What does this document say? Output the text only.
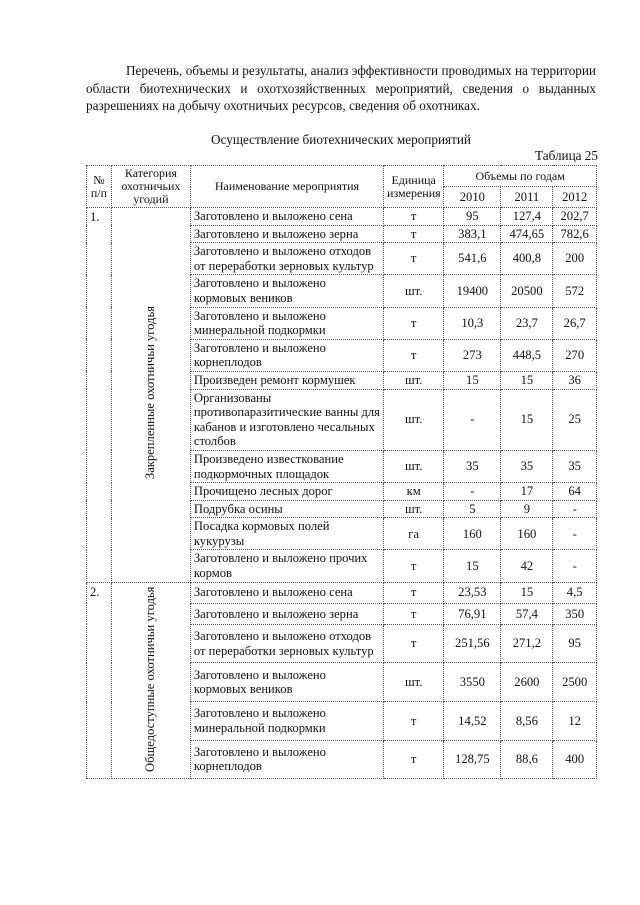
Перечень, объемы и результаты, анализ эффективности проводимых на территории области биотехнических и охотхозяйственных мероприятий, сведения о выданных разрешениях на добычу охотничьих ресурсов, сведения об охотниках.
Осуществление биотехнических мероприятий
Таблица 25
№ п/п	Категория охотничьих угодий	Наименование мероприятия	Единица измерения	Объемы по годам		
				2010	2011	2012
1.	Закрепленные охотничьи угодья	Заготовлено и выложено сена	т	95	127,4	202,7
		Заготовлено и выложено зерна	т	383,1	474,65	782,6
		Заготовлено и выложено отходов от переработки зерновых культур	т	541,6	400,8	200
		Заготовлено и выложено кормовых веников	шт.	19400	20500	572
		Заготовлено и выложено минеральной подкормки	т	10,3	23,7	26,7
		Заготовлено и выложено корнеплодов	т	273	448,5	270
		Произведен ремонт кормушек	шт.	15	15	36
		Организованы противопаразитические ванны для кабанов и изготовлено чесальных столбов	шт.	-	15	25
		Произведено известкование подкормочных площадок	шт.	35	35	35
		Прочищено лесных дорог	км	-	17	64
		Подрубка осины	шт.	5	9	-
		Посадка кормовых полей кукурузы	га	160	160	-
		Заготовлено и выложено прочих кормов	т	15	42	-
2.	Общедоступные охотничьи угодья	Заготовлено и выложено сена	т	23,53	15	4,5
		Заготовлено и выложено зерна	т	76,91	57,4	350
		Заготовлено и выложено отходов от переработки зерновых культур	т	251,56	271,2	95
		Заготовлено и выложено кормовых веников	шт.	3550	2600	2500
		Заготовлено и выложено минеральной подкормки	т	14,52	8,56	12
		Заготовлено и выложено корнеплодов	т	128,75	88,6	400
